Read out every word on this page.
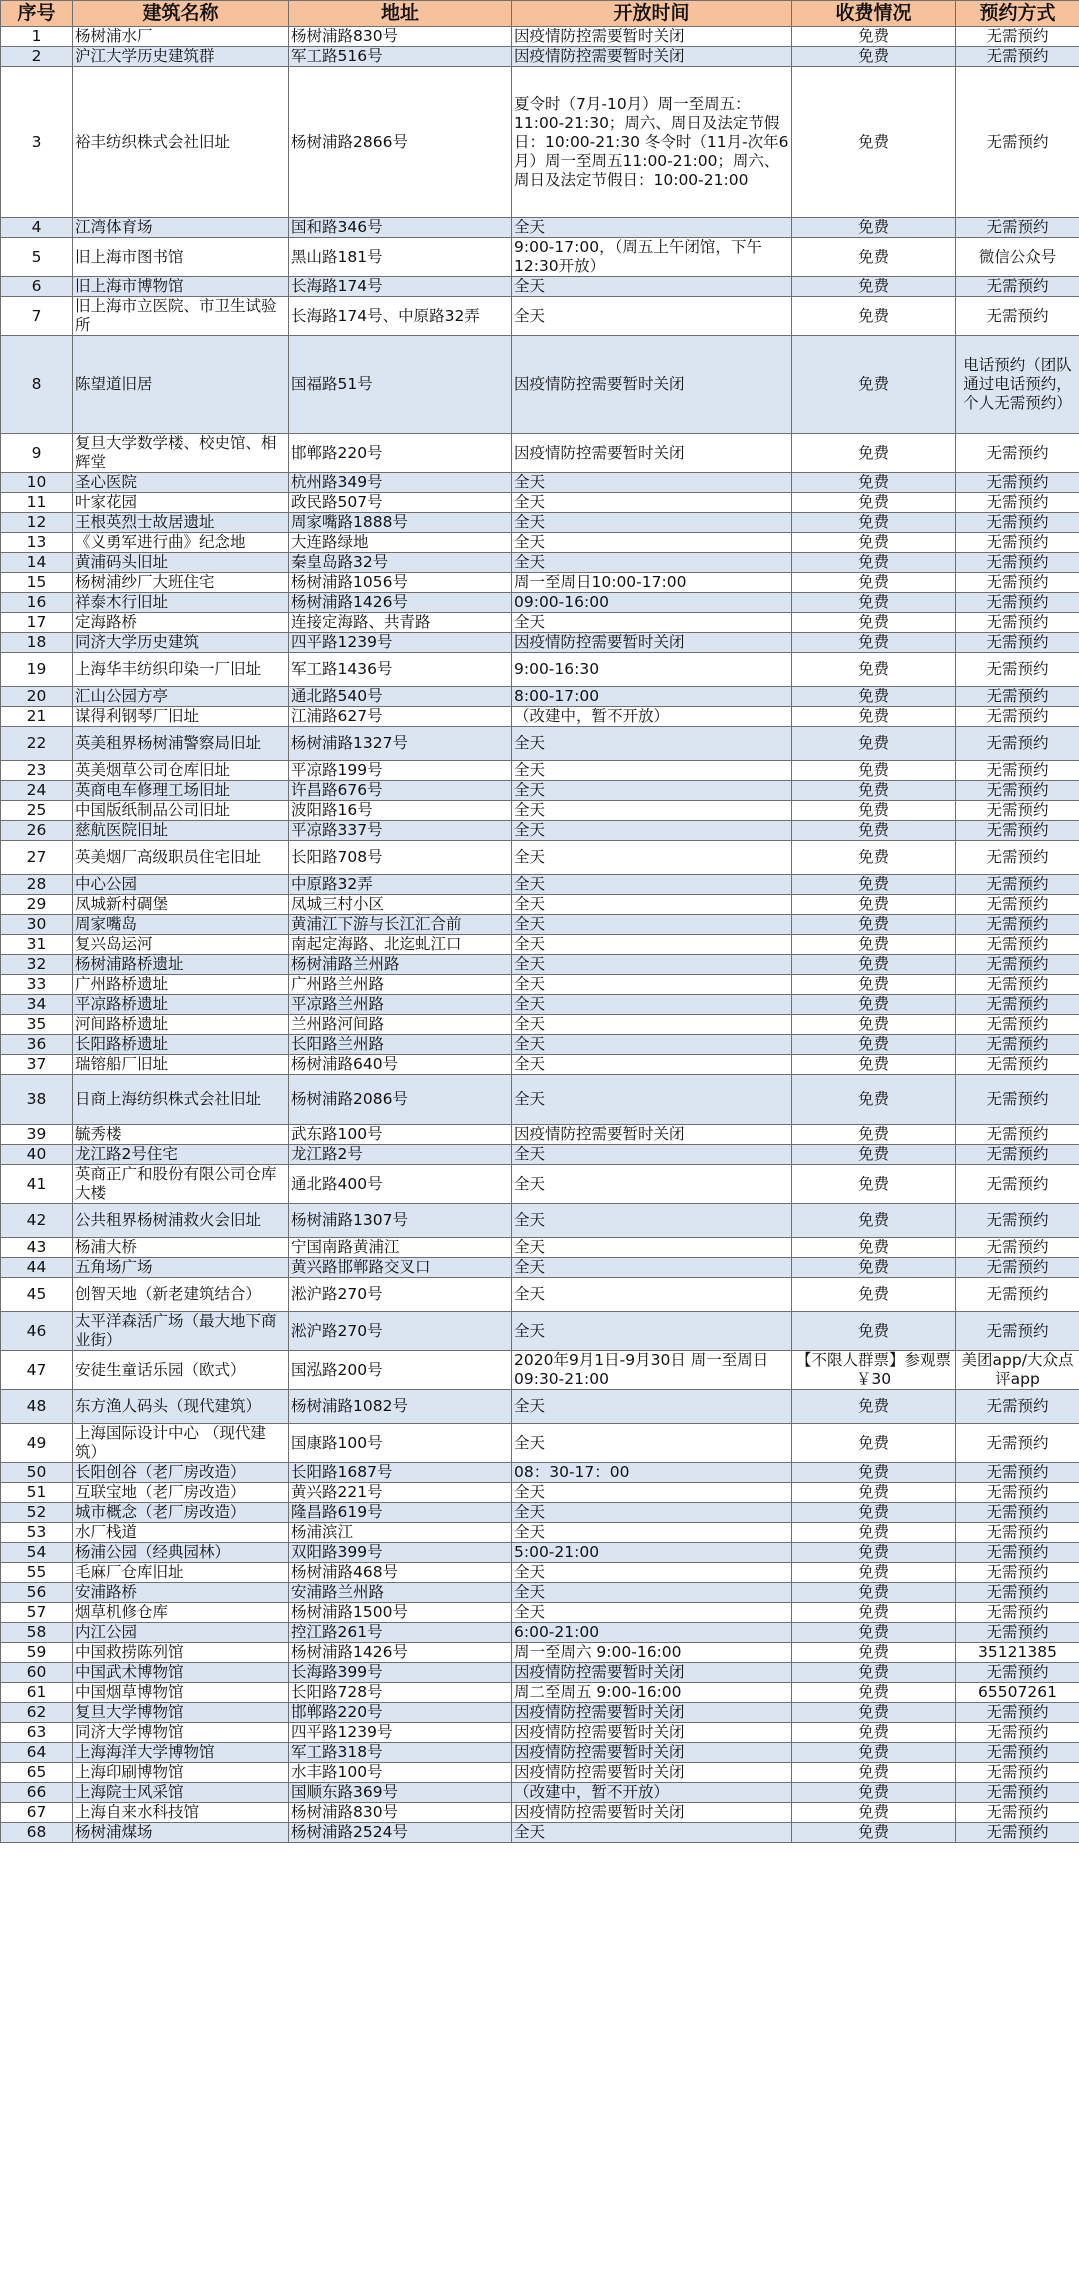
序号	建筑名称	地址	开放时间	收费情况	预约方式
1	杨树浦水厂	杨树浦路830号	因疫情防控需要暂时关闭	免费	无需预约
2	沪江大学历史建筑群	军工路516号	因疫情防控需要暂时关闭	免费	无需预约
3	裕丰纺织株式会社旧址	杨树浦路2866号	夏令时（7月-10月）周一至周五：11:00-21:30；周六、周日及法定节假日：10:00-21:30 冬令时（11月-次年6月）周一至周五11:00-21:00；周六、周日及法定节假日：10:00-21:00	免费	无需预约
4	江湾体育场	国和路346号	全天	免费	无需预约
5	旧上海市图书馆	黑山路181号	9:00-17:00，（周五上午闭馆，下午12:30开放）	免费	微信公众号
6	旧上海市博物馆	长海路174号	全天	免费	无需预约
7	旧上海市立医院、市卫生试验所	长海路174号、中原路32弄	全天	免费	无需预约
8	陈望道旧居	国福路51号	因疫情防控需要暂时关闭	免费	电话预约（团队通过电话预约，个人无需预约）
9	复旦大学数学楼、校史馆、相辉堂	邯郸路220号	因疫情防控需要暂时关闭	免费	无需预约
10	圣心医院	杭州路349号	全天	免费	无需预约
11	叶家花园	政民路507号	全天	免费	无需预约
12	王根英烈士故居遗址	周家嘴路1888号	全天	免费	无需预约
13	《义勇军进行曲》纪念地	大连路绿地	全天	免费	无需预约
14	黄浦码头旧址	秦皇岛路32号	全天	免费	无需预约
15	杨树浦纱厂大班住宅	杨树浦路1056号	周一至周日10:00-17:00	免费	无需预约
16	祥泰木行旧址	杨树浦路1426号	09:00-16:00	免费	无需预约
17	定海路桥	连接定海路、共青路	全天	免费	无需预约
18	同济大学历史建筑	四平路1239号	因疫情防控需要暂时关闭	免费	无需预约
19	上海华丰纺织印染一厂旧址	军工路1436号	9:00-16:30	免费	无需预约
20	汇山公园方亭	通北路540号	8:00-17:00	免费	无需预约
21	谋得利钢琴厂旧址	江浦路627号	（改建中，暂不开放）	免费	无需预约
22	英美租界杨树浦警察局旧址	杨树浦路1327号	全天	免费	无需预约
23	英美烟草公司仓库旧址	平凉路199号	全天	免费	无需预约
24	英商电车修理工场旧址	许昌路676号	全天	免费	无需预约
25	中国版纸制品公司旧址	波阳路16号	全天	免费	无需预约
26	慈航医院旧址	平凉路337号	全天	免费	无需预约
27	英美烟厂高级职员住宅旧址	长阳路708号	全天	免费	无需预约
28	中心公园	中原路32弄	全天	免费	无需预约
29	凤城新村碉堡	凤城三村小区	全天	免费	无需预约
30	周家嘴岛	黄浦江下游与长江汇合前	全天	免费	无需预约
31	复兴岛运河	南起定海路、北迄虬江口	全天	免费	无需预约
32	杨树浦路桥遗址	杨树浦路兰州路	全天	免费	无需预约
33	广州路桥遗址	广州路兰州路	全天	免费	无需预约
34	平凉路桥遗址	平凉路兰州路	全天	免费	无需预约
35	河间路桥遗址	兰州路河间路	全天	免费	无需预约
36	长阳路桥遗址	长阳路兰州路	全天	免费	无需预约
37	瑞镕船厂旧址	杨树浦路640号	全天	免费	无需预约
38	日商上海纺织株式会社旧址	杨树浦路2086号	全天	免费	无需预约
39	毓秀楼	武东路100号	因疫情防控需要暂时关闭	免费	无需预约
40	龙江路2号住宅	龙江路2号	全天	免费	无需预约
41	英商正广和股份有限公司仓库大楼	通北路400号	全天	免费	无需预约
42	公共租界杨树浦救火会旧址	杨树浦路1307号	全天	免费	无需预约
43	杨浦大桥	宁国南路黄浦江	全天	免费	无需预约
44	五角场广场	黄兴路邯郸路交叉口	全天	免费	无需预约
45	创智天地（新老建筑结合）	淞沪路270号	全天	免费	无需预约
46	太平洋森活广场（最大地下商业街）	淞沪路270号	全天	免费	无需预约
47	安徒生童话乐园（欧式）	国泓路200号	2020年9月1日-9月30日 周一至周日 09:30-21:00	【不限人群票】参观票￥30	美团app/大众点评app
48	东方渔人码头（现代建筑）	杨树浦路1082号	全天	免费	无需预约
49	上海国际设计中心 （现代建筑）	国康路100号	全天	免费	无需预约
50	长阳创谷（老厂房改造）	长阳路1687号	08：30-17：00	免费	无需预约
51	互联宝地（老厂房改造）	黄兴路221号	全天	免费	无需预约
52	城市概念（老厂房改造）	隆昌路619号	全天	免费	无需预约
53	水厂栈道	杨浦滨江	全天	免费	无需预约
54	杨浦公园（经典园林）	双阳路399号	5:00-21:00	免费	无需预约
55	毛麻厂仓库旧址	杨树浦路468号	全天	免费	无需预约
56	安浦路桥	安浦路兰州路	全天	免费	无需预约
57	烟草机修仓库	杨树浦路1500号	全天	免费	无需预约
58	内江公园	控江路261号	6:00-21:00	免费	无需预约
59	中国救捞陈列馆	杨树浦路1426号	周一至周六 9:00-16:00	免费	35121385
60	中国武术博物馆	长海路399号	因疫情防控需要暂时关闭	免费	无需预约
61	中国烟草博物馆	长阳路728号	周二至周五 9:00-16:00	免费	65507261
62	复旦大学博物馆	邯郸路220号	因疫情防控需要暂时关闭	免费	无需预约
63	同济大学博物馆	四平路1239号	因疫情防控需要暂时关闭	免费	无需预约
64	上海海洋大学博物馆	军工路318号	因疫情防控需要暂时关闭	免费	无需预约
65	上海印刷博物馆	水丰路100号	因疫情防控需要暂时关闭	免费	无需预约
66	上海院士风采馆	国顺东路369号	（改建中，暂不开放）	免费	无需预约
67	上海自来水科技馆	杨树浦路830号	因疫情防控需要暂时关闭	免费	无需预约
68	杨树浦煤场	杨树浦路2524号	全天	免费	无需预约
